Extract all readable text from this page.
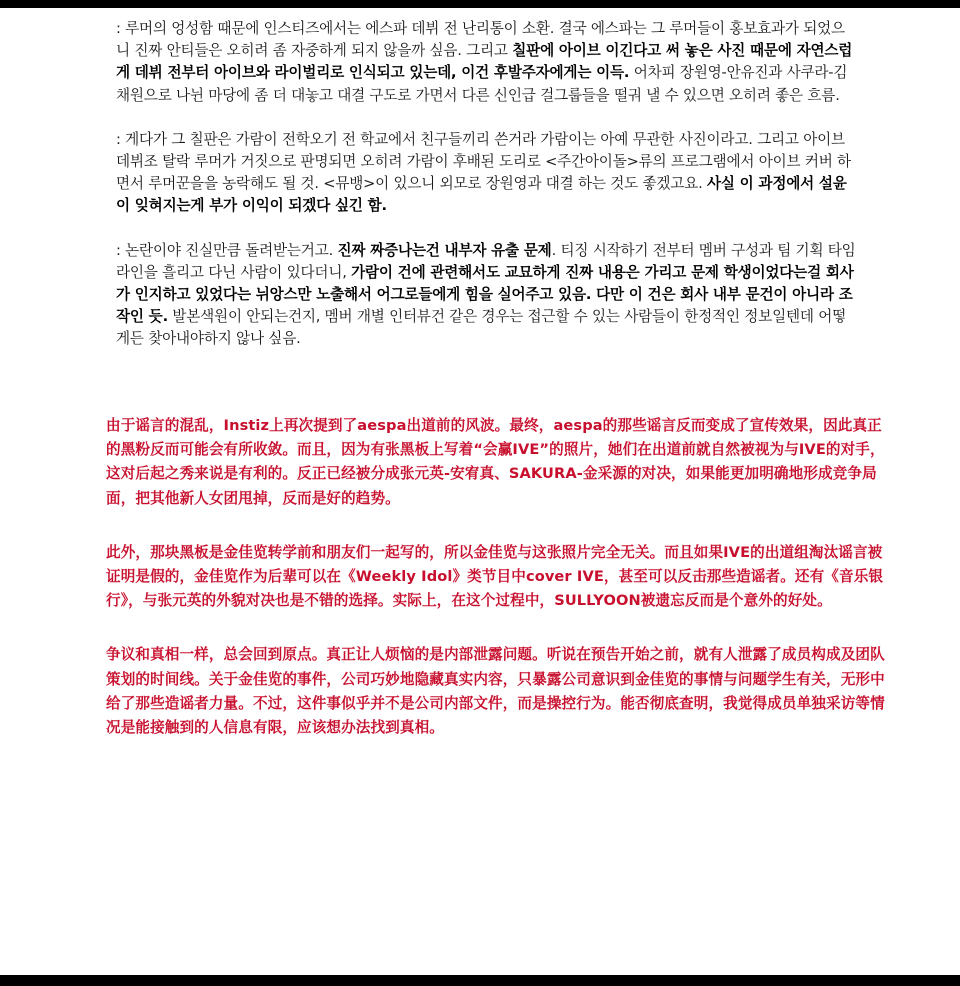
: 루머의 엉성함 때문에 인스티즈에서는 에스파 데뷔 전 난리통이 소환. 결국 에스파는 그 루머들이 홍보효과가 되었으니 진짜 안티들은 오히려 좀 자중하게 되지 않을까 싶음. 그리고 칠판에 아이브 이긴다고 써 놓은 사진 때문에 자연스럽게 데뷔 전부터 아이브와 라이벌리로 인식되고 있는데, 이건 후발주자에게는 이득. 어차피 장원영-안유진과 사쿠라-김채원으로 나뉜 마당에 좀 더 대놓고 대결 구도로 가면서 다른 신인급 걸그룹들을 떨궈 낼 수 있으면 오히려 좋은 흐름.

: 게다가 그 칠판은 가람이 전학오기 전 학교에서 친구들끼리 쓴거라 가람이는 아예 무관한 사진이라고. 그리고 아이브 데뷔조 탈락 루머가 거짓으로 판명되면 오히려 가람이 후배된 도리로 <주간아이돌>류의 프로그램에서 아이브 커버 하면서 루머꾼을을 농락해도 될 것. <뮤뱅>이 있으니 외모로 장원영과 대결 하는 것도 좋겠고요. 사실 이 과정에서 설윤이 잊혀지는게 부가 이익이 되겠다 싶긴 함.

: 논란이야 진실만큼 돌려받는거고. 진짜 짜증나는건 내부자 유출 문제. 티징 시작하기 전부터 멤버 구성과 팀 기획 타임라인을 흘리고 다닌 사람이 있다더니, 가람이 건에 관련해서도 교묘하게 진짜 내용은 가리고 문제 학생이었다는걸 회사가 인지하고 있었다는 뉘앙스만 노출해서 어그로들에게 힘을 실어주고 있음. 다만 이 건은 회사 내부 문건이 아니라 조작인 듯. 발본색원이 안되는건지, 멤버 개별 인터뷰건 같은 경우는 접근할 수 있는 사람들이 한정적인 정보일텐데 어떻게든 찾아내야하지 않나 싶음.

由于谣言的混乱，Instiz上再次提到了aespa出道前的风波。最终，aespa的那些谣言反而变成了宣传效果，因此真正的黑粉反而可能会有所收敛。而且，因为有张黑板上写着“会赢IVE”的照片，她们在出道前就自然被视为与IVE的对手，这对后起之秀来说是有利的。反正已经被分成张元英-安宥真、SAKURA-金采源的对决，如果能更加明确地形成竞争局面，把其他新人女团甩掉，反而是好的趋势。

此外，那块黑板是金佳览转学前和朋友们一起写的，所以金佳览与这张照片完全无关。而且如果IVE的出道组淘汰谣言被证明是假的，金佳览作为后辈可以在《Weekly Idol》类节目中cover IVE，甚至可以反击那些造谣者。还有《音乐银行》，与张元英的外貌对决也是不错的选择。实际上，在这个过程中，SULLYOON被遗忘反而是个意外的好处。

争议和真相一样，总会回到原点。真正让人烦恼的是内部泄露问题。听说在预告开始之前，就有人泄露了成员构成及团队策划的时间线。关于金佳览的事件，公司巧妙地隐藏真实内容，只暴露公司意识到金佳览的事情与问题学生有关，无形中给了那些造谣者力量。不过，这件事似乎并不是公司内部文件，而是操控行为。能否彻底查明，我觉得成员单独采访等情况是能接触到的人信息有限，应该想办法找到真相。
